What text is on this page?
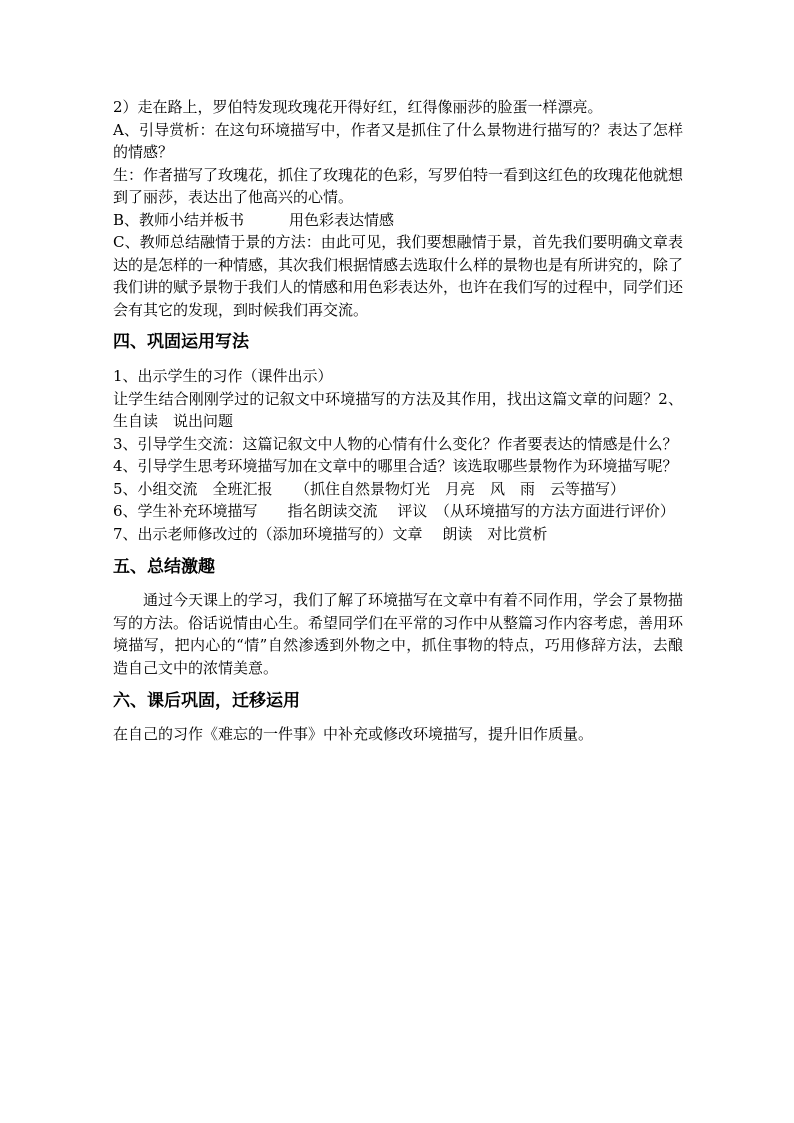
2）走在路上，罗伯特发现玫瑰花开得好红，红得像丽莎的脸蛋一样漂亮。

A、引导赏析：在这句环境描写中，作者又是抓住了什么景物进行描写的？表达了怎样的情感？

生：作者描写了玫瑰花，抓住了玫瑰花的色彩，写罗伯特一看到这红色的玫瑰花他就想到了丽莎，表达出了他高兴的心情。

B、教师小结并板书　　　用色彩表达情感

C、教师总结融情于景的方法：由此可见，我们要想融情于景，首先我们要明确文章表达的是怎样的一种情感，其次我们根据情感去选取什么样的景物也是有所讲究的，除了我们讲的赋予景物于我们人的情感和用色彩表达外，也许在我们写的过程中，同学们还会有其它的发现，到时候我们再交流。

四、巩固运用写法

1、出示学生的习作（课件出示）

让学生结合刚刚学过的记叙文中环境描写的方法及其作用，找出这篇文章的问题？2、生自读　说出问题

3、引导学生交流：这篇记叙文中人物的心情有什么变化？作者要表达的情感是什么？

4、引导学生思考环境描写加在文章中的哪里合适？该选取哪些景物作为环境描写呢？

5、小组交流　全班汇报　　（抓住自然景物灯光　月亮　风　雨　云等描写）

6、学生补充环境描写　　指名朗读交流　 评议　（从环境描写的方法方面进行评价）

7、出示老师修改过的（添加环境描写的）文章　 朗读　对比赏析

五、总结激趣

通过今天课上的学习，我们了解了环境描写在文章中有着不同作用，学会了景物描写的方法。俗话说情由心生。希望同学们在平常的习作中从整篇习作内容考虑，善用环境描写，把内心的“情”自然渗透到外物之中，抓住事物的特点，巧用修辞方法，去酿造自己文中的浓情美意。

六、课后巩固，迁移运用

在自己的习作《难忘的一件事》中补充或修改环境描写，提升旧作质量。
